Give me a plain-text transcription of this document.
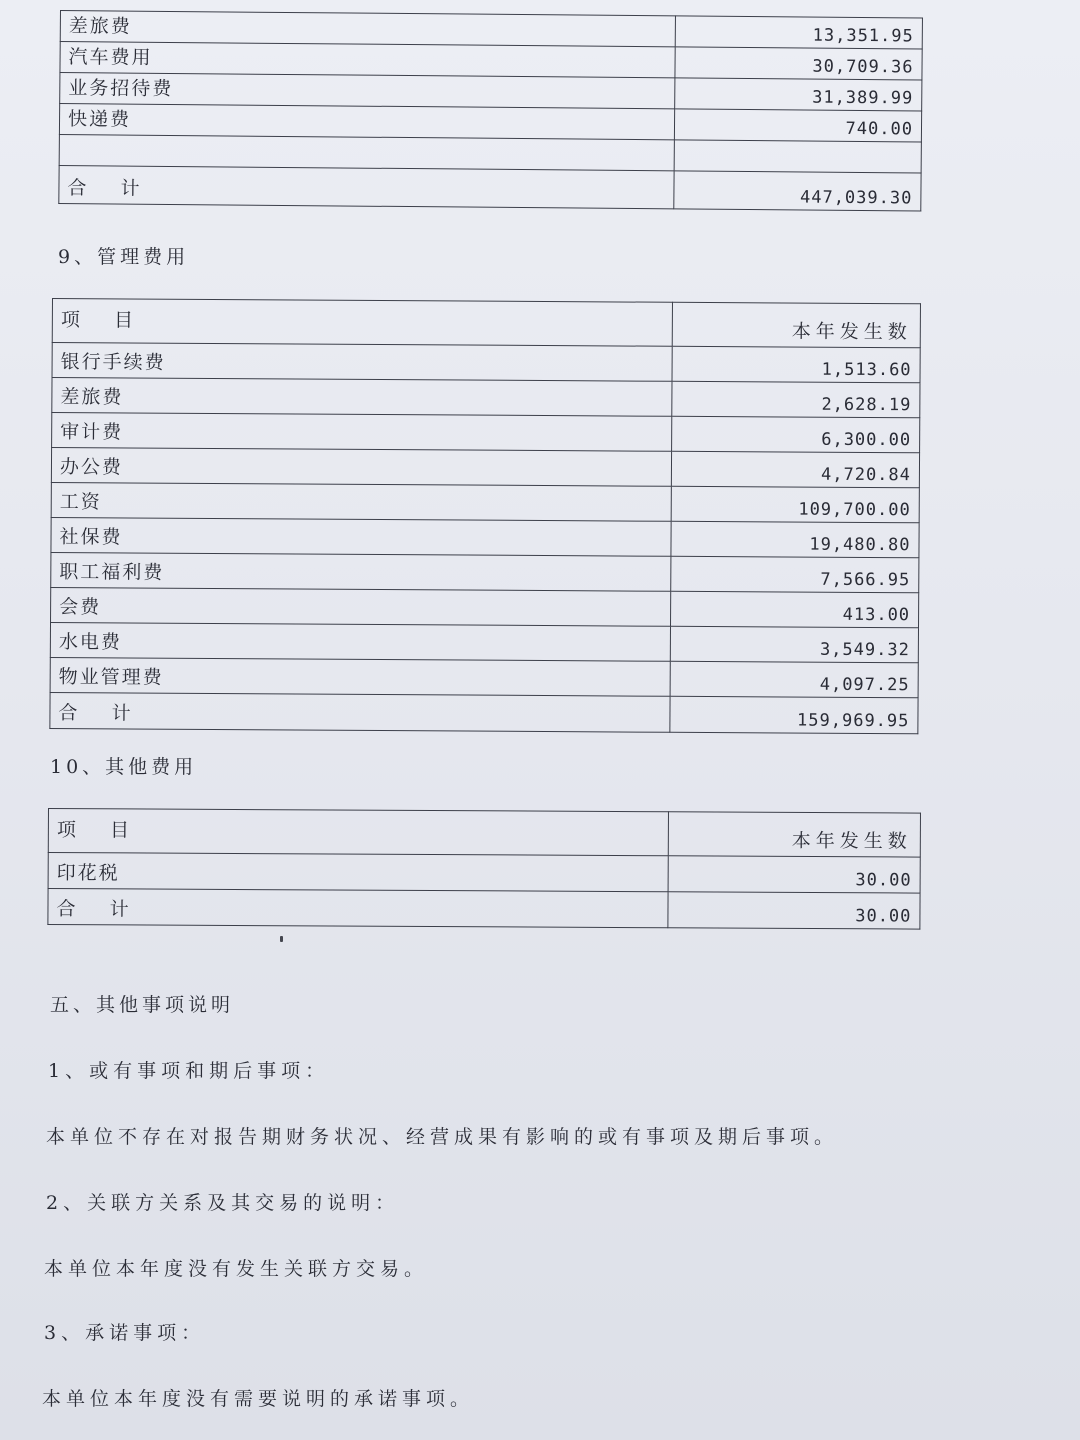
差旅费	13,351.95
汽车费用	30,709.36
业务招待费	31,389.99
快递费	740.00

合    计	447,039.30
9、管理费用
项    目	本年发生数
银行手续费	1,513.60
差旅费	2,628.19
审计费	6,300.00
办公费	4,720.84
工资	109,700.00
社保费	19,480.80
职工福利费	7,566.95
会费	413.00
水电费	3,549.32
物业管理费	4,097.25
合    计	159,969.95
10、其他费用
项    目	本年发生数
印花税	30.00
合    计	30.00
五、其他事项说明
1、或有事项和期后事项：
本单位不存在对报告期财务状况、经营成果有影响的或有事项及期后事项。
2、关联方关系及其交易的说明：
本单位本年度没有发生关联方交易。
3、承诺事项：
本单位本年度没有需要说明的承诺事项。
